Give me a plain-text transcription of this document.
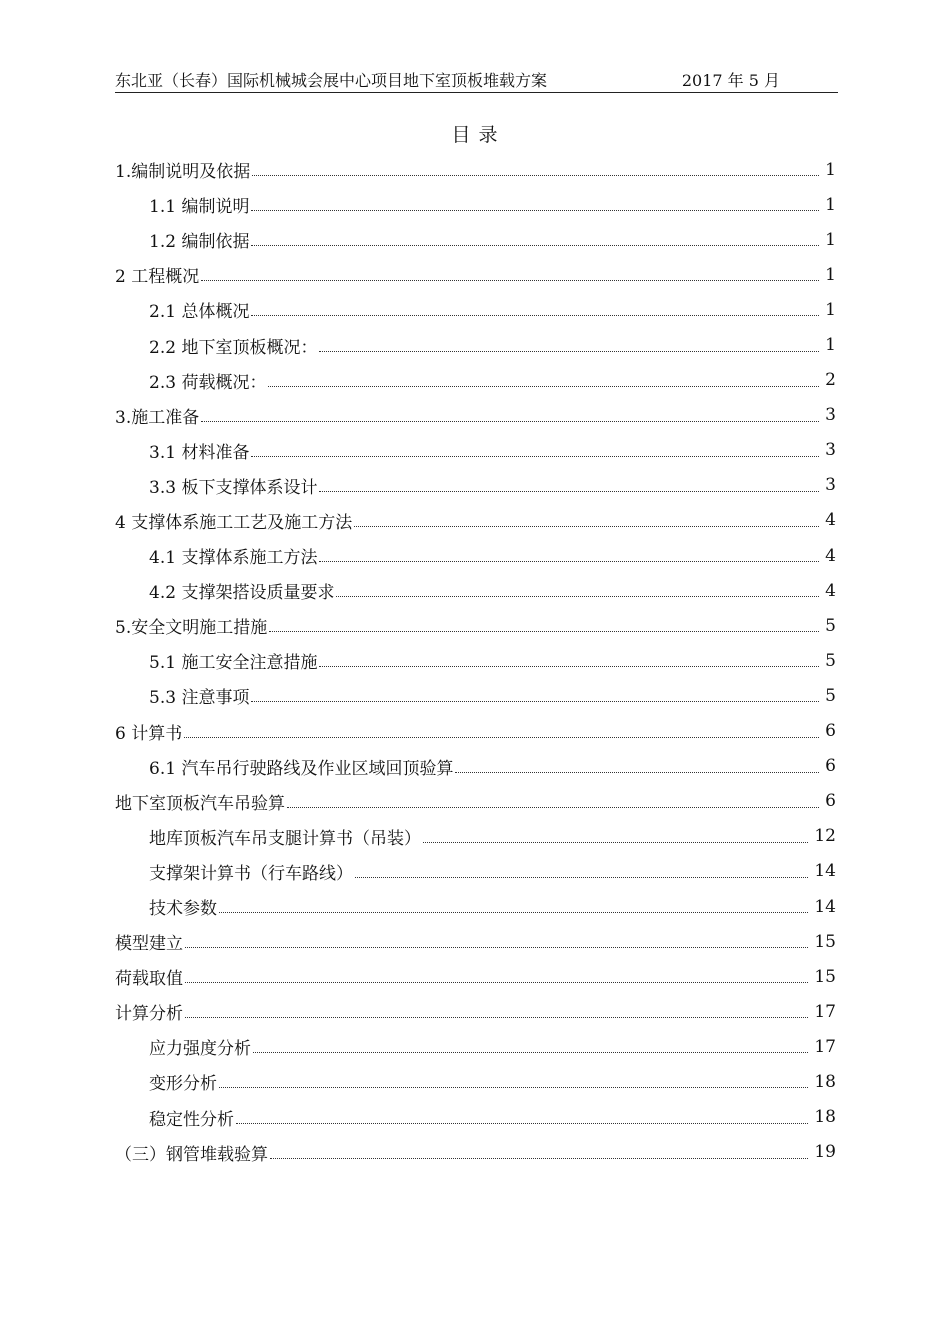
东北亚（长春）国际机械城会展中心项目地下室顶板堆载方案	2017 年 5 月
目 录
1.编制说明及依据	1
1.1 编制说明	1
1.2 编制依据	1
2 工程概况	1
2.1 总体概况	1
2.2 地下室顶板概况：	1
2.3 荷载概况：	2
3.施工准备	3
3.1 材料准备	3
3.3 板下支撑体系设计	3
4 支撑体系施工工艺及施工方法	4
4.1 支撑体系施工方法	4
4.2 支撑架搭设质量要求	4
5.安全文明施工措施	5
5.1 施工安全注意措施	5
5.3 注意事项	5
6 计算书	6
6.1 汽车吊行驶路线及作业区域回顶验算	6
地下室顶板汽车吊验算	6
地库顶板汽车吊支腿计算书（吊装）	12
支撑架计算书（行车路线）	14
技术参数	14
模型建立	15
荷载取值	15
计算分析	17
应力强度分析	17
变形分析	18
稳定性分析	18
（三）钢管堆载验算	19
